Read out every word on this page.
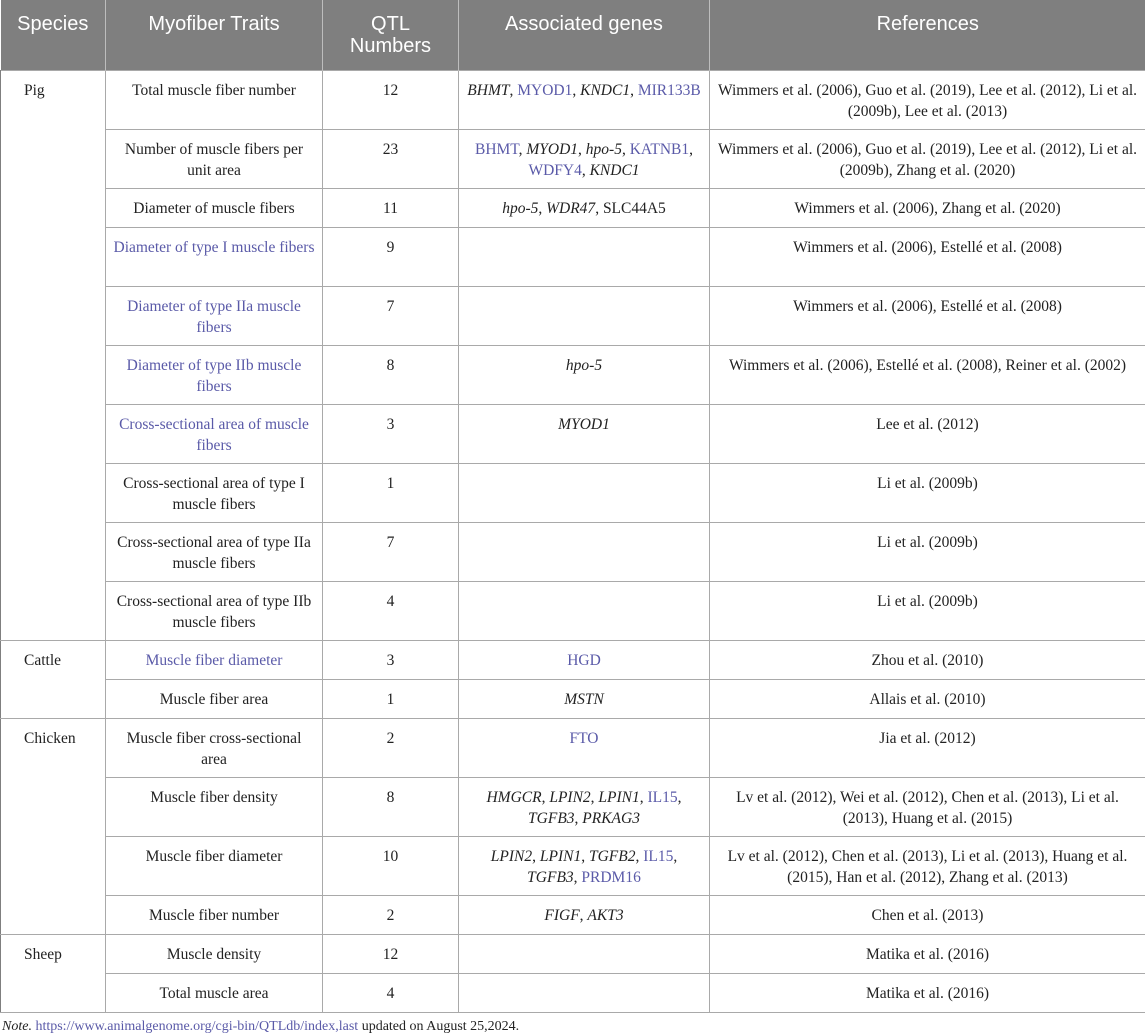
Species	Myofiber Traits	QTL Numbers	Associated genes	References

Pig	Total muscle fiber number	12	BHMT, MYOD1, KNDC1, MIR133B	Wimmers et al. (2006), Guo et al. (2019), Lee et al. (2012), Li et al. (2009b), Lee et al. (2013)
	Number of muscle fibers per unit area	23	BHMT, MYOD1, hpo-5, KATNB1, WDFY4, KNDC1	Wimmers et al. (2006), Guo et al. (2019), Lee et al. (2012), Li et al. (2009b), Zhang et al. (2020)
	Diameter of muscle fibers	11	hpo-5, WDR47, SLC44A5	Wimmers et al. (2006), Zhang et al. (2020)
	Diameter of type I muscle fibers	9		Wimmers et al. (2006), Estellé et al. (2008)
	Diameter of type IIa muscle fibers	7		Wimmers et al. (2006), Estellé et al. (2008)
	Diameter of type IIb muscle fibers	8	hpo-5	Wimmers et al. (2006), Estellé et al. (2008), Reiner et al. (2002)
	Cross-sectional area of muscle fibers	3	MYOD1	Lee et al. (2012)
	Cross-sectional area of type I muscle fibers	1		Li et al. (2009b)
	Cross-sectional area of type IIa muscle fibers	7		Li et al. (2009b)
	Cross-sectional area of type IIb muscle fibers	4		Li et al. (2009b)
Cattle	Muscle fiber diameter	3	HGD	Zhou et al. (2010)
	Muscle fiber area	1	MSTN	Allais et al. (2010)
Chicken	Muscle fiber cross-sectional area	2	FTO	Jia et al. (2012)
	Muscle fiber density	8	HMGCR, LPIN2, LPIN1, IL15, TGFB3, PRKAG3	Lv et al. (2012), Wei et al. (2012), Chen et al. (2013), Li et al. (2013), Huang et al. (2015)
	Muscle fiber diameter	10	LPIN2, LPIN1, TGFB2, IL15, TGFB3, PRDM16	Lv et al. (2012), Chen et al. (2013), Li et al. (2013), Huang et al. (2015), Han et al. (2012), Zhang et al. (2013)
	Muscle fiber number	2	FIGF, AKT3	Chen et al. (2013)
Sheep	Muscle density	12		Matika et al. (2016)
	Total muscle area	4		Matika et al. (2016)
Note. https://www.animalgenome.org/cgi-bin/QTLdb/index,last updated on August 25,2024.
